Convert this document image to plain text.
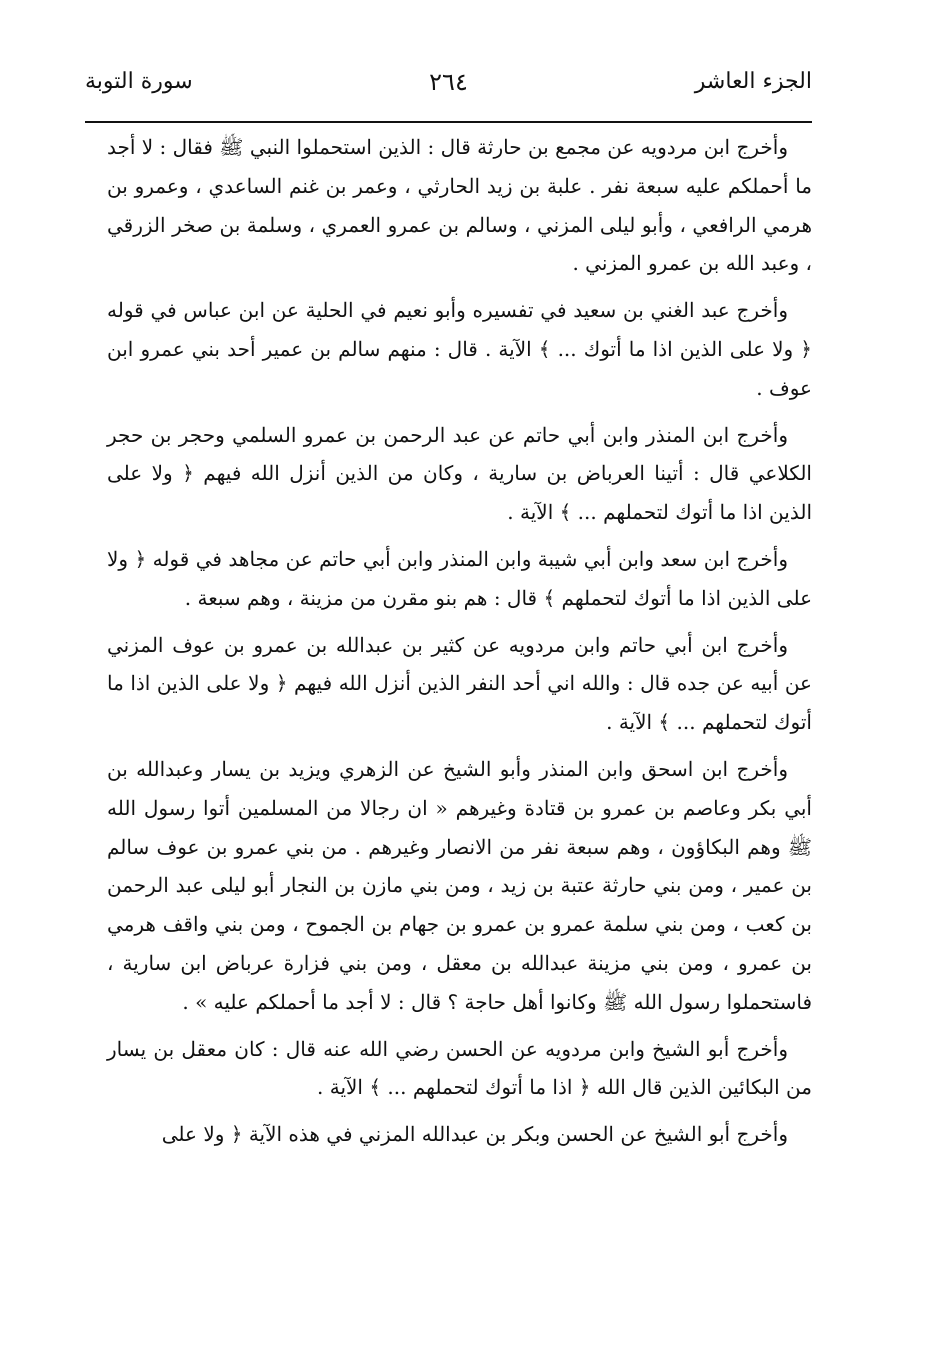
الجزء العاشر
٢٦٤
سورة التوبة

وأخرج ابن مردويه عن مجمع بن حارثة قال : الذين استحملوا النبي ﷺ فقال : لا أجد ما أحملكم عليه سبعة نفر . علبة بن زيد الحارثي ، وعمر بن غنم الساعدي ، وعمرو بن هرمي الرافعي ، وأبو ليلى المزني ، وسالم بن عمرو العمري ، وسلمة بن صخر الزرقي ، وعبد الله بن عمرو المزني .

وأخرج عبد الغني بن سعيد في تفسيره وأبو نعيم في الحلية عن ابن عباس في قوله ﴿ ولا على الذين اذا ما أتوك ... ﴾ الآية . قال : منهم سالم بن عمير أحد بني عمرو ابن عوف .

وأخرج ابن المنذر وابن أبي حاتم عن عبد الرحمن بن عمرو السلمي وحجر بن حجر الكلاعي قال : أتينا العرباض بن سارية ، وكان من الذين أنزل الله فيهم ﴿ ولا على الذين اذا ما أتوك لتحملهم ... ﴾ الآية .

وأخرج ابن سعد وابن أبي شيبة وابن المنذر وابن أبي حاتم عن مجاهد في قوله ﴿ ولا على الذين اذا ما أتوك لتحملهم ﴾ قال : هم بنو مقرن من مزينة ، وهم سبعة .

وأخرج ابن أبي حاتم وابن مردويه عن كثير بن عبدالله بن عمرو بن عوف المزني عن أبيه عن جده قال : والله اني أحد النفر الذين أنزل الله فيهم ﴿ ولا على الذين اذا ما أتوك لتحملهم ... ﴾ الآية .

وأخرج ابن اسحق وابن المنذر وأبو الشيخ عن الزهري ويزيد بن يسار وعبدالله بن أبي بكر وعاصم بن عمرو بن قتادة وغيرهم « ان رجالا من المسلمين أتوا رسول الله ﷺ وهم البكاؤون ، وهم سبعة نفر من الانصار وغيرهم . من بني عمرو بن عوف سالم بن عمير ، ومن بني حارثة عتبة بن زيد ، ومن بني مازن بن النجار أبو ليلى عبد الرحمن بن كعب ، ومن بني سلمة عمرو بن عمرو بن جهام بن الجموح ، ومن بني واقف هرمي بن عمرو ، ومن بني مزينة عبدالله بن معقل ، ومن بني فزارة عرباض ابن سارية ، فاستحملوا رسول الله ﷺ وكانوا أهل حاجة ؟ قال : لا أجد ما أحملكم عليه » .

وأخرج أبو الشيخ وابن مردويه عن الحسن رضي الله عنه قال : كان معقل بن يسار من البكائين الذين قال الله ﴿ اذا ما أتوك لتحملهم ... ﴾ الآية .

وأخرج أبو الشيخ عن الحسن وبكر بن عبدالله المزني في هذه الآية ﴿ ولا على
